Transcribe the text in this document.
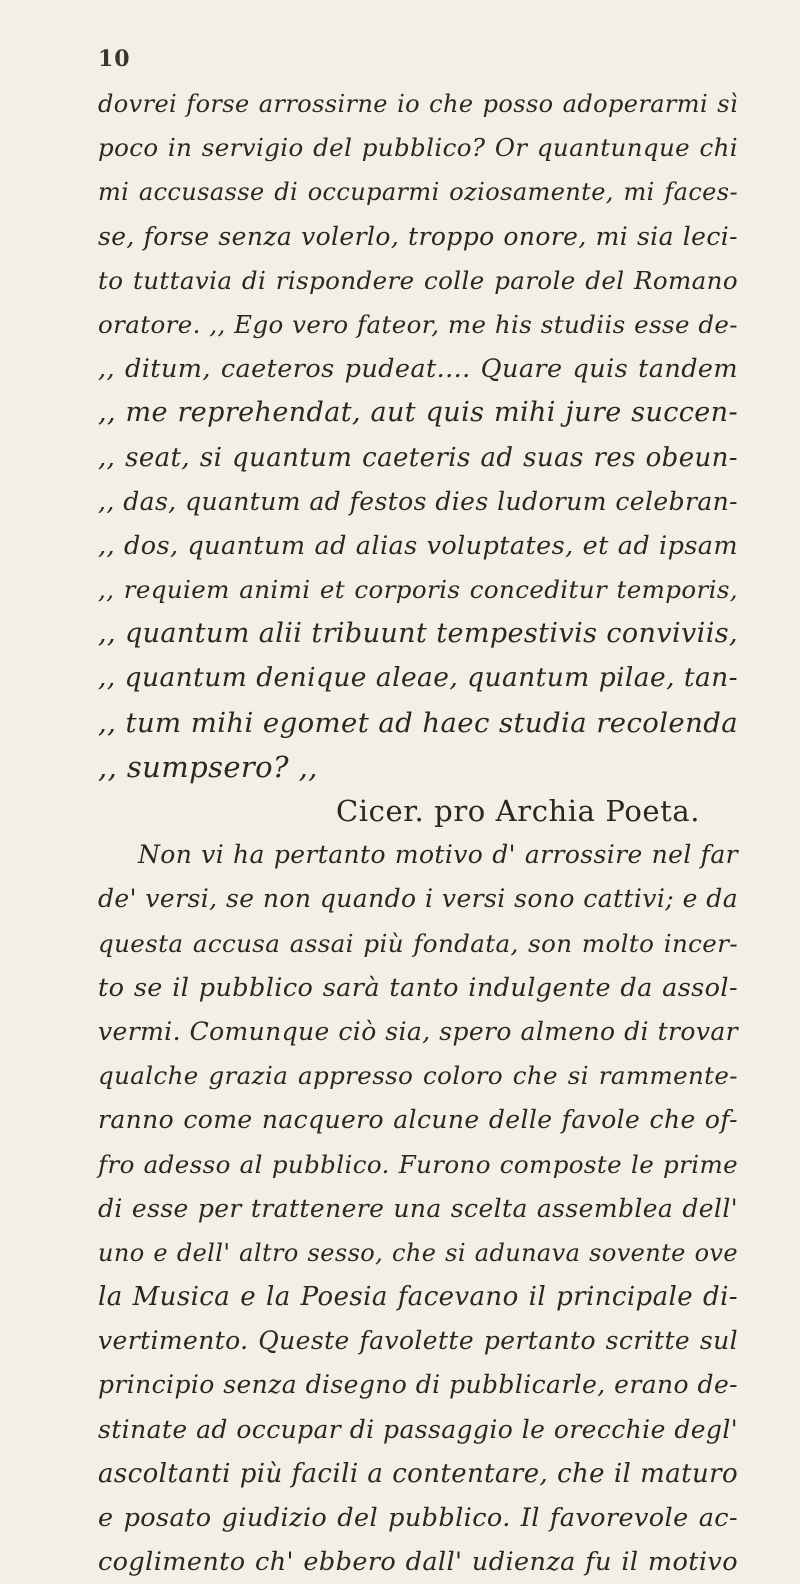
10
dovrei forse arrossirne io che posso adoperarmi sì
poco in servigio del pubblico? Or quantunque chi
mi accusasse di occuparmi oziosamente, mi faces-
se, forse senza volerlo, troppo onore, mi sia leci-
to tuttavia di rispondere colle parole del Romano
oratore. ,, Ego vero fateor, me his studiis esse de-
,, ditum, caeteros pudeat.... Quare quis tandem
,, me reprehendat, aut quis mihi jure succen-
,, seat, si quantum caeteris ad suas res obeun-
,, das, quantum ad festos dies ludorum celebran-
,, dos, quantum ad alias voluptates, et ad ipsam
,, requiem animi et corporis conceditur temporis,
,, quantum alii tribuunt tempestivis conviviis,
,, quantum denique aleae, quantum pilae, tan-
,, tum mihi egomet ad haec studia recolenda
,, sumpsero? ,,
Cicer. pro Archia Poeta.
Non vi ha pertanto motivo d' arrossire nel far
de' versi, se non quando i versi sono cattivi; e da
questa accusa assai più fondata, son molto incer-
to se il pubblico sarà tanto indulgente da assol-
vermi. Comunque ciò sia, spero almeno di trovar
qualche grazia appresso coloro che si rammente-
ranno come nacquero alcune delle favole che of-
fro adesso al pubblico. Furono composte le prime
di esse per trattenere una scelta assemblea dell'
uno e dell' altro sesso, che si adunava sovente ove
la Musica e la Poesia facevano il principale di-
vertimento. Queste favolette pertanto scritte sul
principio senza disegno di pubblicarle, erano de-
stinate ad occupar di passaggio le orecchie degl'
ascoltanti più facili a contentare, che il maturo
e posato giudizio del pubblico. Il favorevole ac-
coglimento ch' ebbero dall' udienza fu il motivo
